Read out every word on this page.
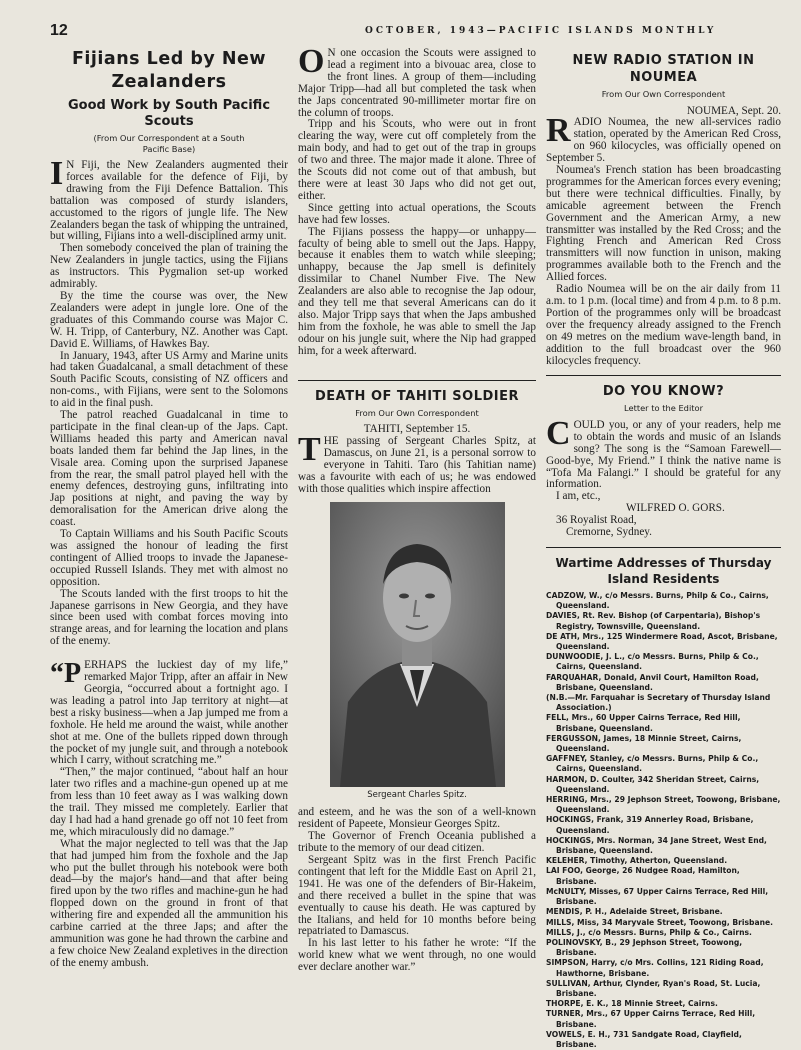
12	OCTOBER, 1943—PACIFIC ISLANDS MONTHLY
Fijians Led by New Zealanders
Good Work by South Pacific Scouts
(From Our Correspondent at a South Pacific Base)

I N Fiji, the New Zealanders augmented their forces available for the defence of Fiji, by drawing from the Fiji Defence Battalion. This battalion was composed of sturdy islanders, accustomed to the rigors of jungle life. The New Zealanders began the task of whipping the untrained, but willing, Fijians into a well-disciplined army unit.

Then somebody conceived the plan of training the New Zealanders in jungle tactics, using the Fijians as instructors. This Pygmalion set-up worked admirably.

By the time the course was over, the New Zealanders were adept in jungle lore. One of the graduates of this Commando course was Major C. W. H. Tripp, of Canterbury, NZ. Another was Capt. David E. Williams, of Hawkes Bay.

In January, 1943, after US Army and Marine units had taken Guadalcanal, a small detachment of these South Pacific Scouts, consisting of NZ officers and non-coms., with Fijians, were sent to the Solomons to aid in the final push.

The patrol reached Guadalcanal in time to participate in the final clean-up of the Japs. Capt. Williams headed this party and American naval boats landed them far behind the Jap lines, in the Visale area. Coming upon the surprised Japanese from the rear, the small patrol played hell with the enemy defences, destroying guns, infiltrating into Jap positions at night, and paving the way by demoralisation for the American drive along the coast.

To Captain Williams and his South Pacific Scouts was assigned the honour of leading the first contingent of Allied troops to invade the Japanese-occupied Russell Islands. They met with almost no opposition.

The Scouts landed with the first troops to hit the Japanese garrisons in New Georgia, and they have since been used with combat forces moving into strange areas, and for learning the location and plans of the enemy.

“PERHAPS the luckiest day of my life,” remarked Major Tripp, after an affair in New Georgia, “occurred about a fortnight ago. I was leading a patrol into Jap territory at night—at best a risky business—when a Jap jumped me from a foxhole. He held me around the waist, while another shot at me. One of the bullets ripped down through the pocket of my jungle suit, and through a notebook which I carry, without scratching me.”

“Then,” the major continued, “about half an hour later two rifles and a machine-gun opened up at me from less than 10 feet away as I was walking down the trail. They missed me completely. Earlier that day I had had a hand grenade go off not 10 feet from me, which miraculously did no damage.”

What the major neglected to tell was that the Jap that had jumped him from the foxhole and the Jap who put the bullet through his notebook were both dead—by the major's hand—and that after being fired upon by the two rifles and machine-gun he had flopped down on the ground in front of that withering fire and expended all the ammunition his carbine carried at the three Japs; and after the ammunition was gone he had thrown the carbine and a few choice New Zealand expletives in the direction of the enemy ambush.

O N one occasion the Scouts were assigned to lead a regiment into a bivouac area, close to the front lines. A group of them—including Major Tripp—had all but completed the task when the Japs concentrated 90-millimeter mortar fire on the column of troops.

Tripp and his Scouts, who were out in front clearing the way, were cut off completely from the main body, and had to get out of the trap in groups of two and three. The major made it alone. Three of the Scouts did not come out of that ambush, but there were at least 30 Japs who did not get out, either.

Since getting into actual operations, the Scouts have had few losses.

The Fijians possess the happy—or unhappy—faculty of being able to smell out the Japs. Happy, because it enables them to watch while sleeping; unhappy, because the Jap smell is definitely dissimilar to Chanel Number Five. The New Zealanders are also able to recognise the Jap odour, and they tell me that several Americans can do it also. Major Tripp says that when the Japs ambushed him from the foxhole, he was able to smell the Jap odour on his jungle suit, where the Nip had grapped him, for a week afterward.

DEATH OF TAHITI SOLDIER
From Our Own Correspondent

TAHITI, September 15.

THE passing of Sergeant Charles Spitz, at Damascus, on June 21, is a personal sorrow to everyone in Tahiti. Taro (his Tahitian name) was a favourite with each of us; he was endowed with those qualities which inspire affection

Sergeant Charles Spitz.

and esteem, and he was the son of a well-known resident of Papeete, Monsieur Georges Spitz.

The Governor of French Oceania published a tribute to the memory of our dead citizen.

Sergeant Spitz was in the first French Pacific contingent that left for the Middle East on April 21, 1941. He was one of the defenders of Bir-Hakeim, and there received a bullet in the spine that was eventually to cause his death. He was captured by the Italians, and held for 10 months before being repatriated to Damascus.

In his last letter to his father he wrote: “If the world knew what we went through, no one would ever declare another war.”

NEW RADIO STATION IN NOUMEA
From Our Own Correspondent

NOUMEA, Sept. 20.

RADIO Noumea, the new all-services radio station, operated by the American Red Cross, on 960 kilocycles, was officially opened on September 5.

Noumea's French station has been broadcasting programmes for the American forces every evening; but there were technical difficulties. Finally, by amicable agreement between the French Government and the American Army, a new transmitter was installed by the Red Cross; and the Fighting French and American Red Cross transmitters will now function in unison, making programmes available both to the French and the Allied forces.

Radio Noumea will be on the air daily from 11 a.m. to 1 p.m. (local time) and from 4 p.m. to 8 p.m. Portion of the programmes only will be broadcast over the frequency already assigned to the French on 49 metres on the medium wave-length band, in addition to the full broadcast over the 960 kilocycles frequency.

DO YOU KNOW?
Letter to the Editor

COULD you, or any of your readers, help me to obtain the words and music of an Islands song? The song is the “Samoan Farewell—Good-bye, My Friend.” I think the native name is “Tofa Ma Falangi.” I should be grateful for any information.

I am, etc.,

WILFRED O. GORS.

36 Royalist Road,

Cremorne, Sydney.

Wartime Addresses of Thursday Island Residents
CADZOW, W., c/o Messrs. Burns, Philp & Co., Cairns, Queensland.
DAVIES, Rt. Rev. Bishop (of Carpentaria), Bishop's Registry, Townsville, Queensland.
DE ATH, Mrs., 125 Windermere Road, Ascot, Brisbane, Queensland.
DUNWOODIE, J. L., c/o Messrs. Burns, Philp & Co., Cairns, Queensland.
FARQUAHAR, Donald, Anvil Court, Hamilton Road, Brisbane, Queensland.
(N.B.—Mr. Farquahar is Secretary of Thursday Island Association.)
FELL, Mrs., 60 Upper Cairns Terrace, Red Hill, Brisbane, Queensland.
FERGUSSON, James, 18 Minnie Street, Cairns, Queensland.
GAFFNEY, Stanley, c/o Messrs. Burns, Philp & Co., Cairns, Queensland.
HARMON, D. Coulter, 342 Sheridan Street, Cairns, Queensland.
HERRING, Mrs., 29 Jephson Street, Toowong, Brisbane, Queensland.
HOCKINGS, Frank, 319 Annerley Road, Brisbane, Queensland.
HOCKINGS, Mrs. Norman, 34 Jane Street, West End, Brisbane, Queensland.
KELEHER, Timothy, Atherton, Queensland.
LAI FOO, George, 26 Nudgee Road, Hamilton, Brisbane.
McNULTY, Misses, 67 Upper Cairns Terrace, Red Hill, Brisbane.
MENDIS, P. H., Adelaide Street, Brisbane.
MILLS, Miss, 34 Maryvale Street, Toowong, Brisbane.
MILLS, J., c/o Messrs. Burns, Philp & Co., Cairns.
POLINOVSKY, B., 29 Jephson Street, Toowong, Brisbane.
SIMPSON, Harry, c/o Mrs. Collins, 121 Riding Road, Hawthorne, Brisbane.
SULLIVAN, Arthur, Clynder, Ryan's Road, St. Lucia, Brisbane.
THORPE, E. K., 18 Minnie Street, Cairns.
TURNER, Mrs., 67 Upper Cairns Terrace, Red Hill, Brisbane.
VOWELS, E. H., 731 Sandgate Road, Clayfield, Brisbane.
